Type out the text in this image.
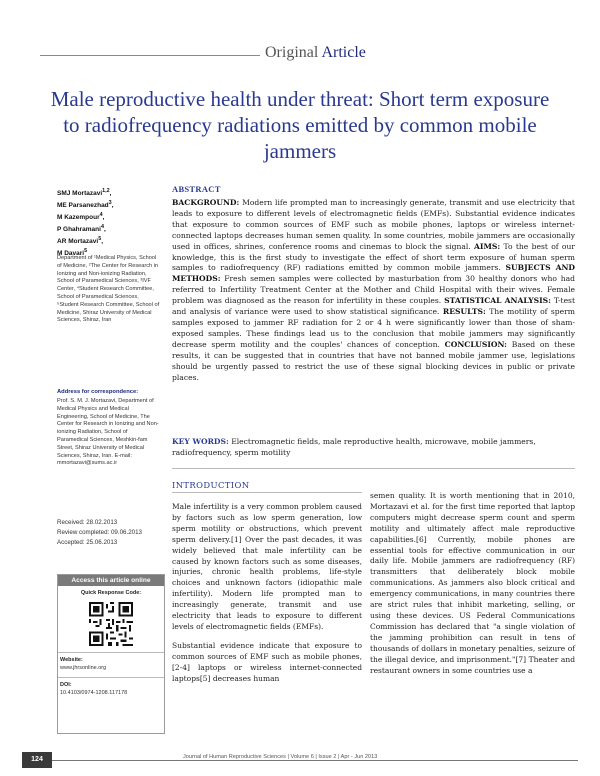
Original Article
Male reproductive health under threat: Short term exposure to radiofrequency radiations emitted by common mobile jammers
SMJ Mortazavi$^{1,2}$,
ME Parsanezhad$^3$,
M Kazempour$^4$,
P Ghahramani$^4$,
AR Mortazavi$^5$,
M Davari$^5$
Department of ¹Medical Physics, School of Medicine, ²The Center for Research in Ionizing and Non-ionizing Radiation, School of Paramedical Sciences, ³IVF Center, ⁴Student Research Committee, School of Paramedical Sciences, ⁵Student Research Committee, School of Medicine, Shiraz University of Medical Sciences, Shiraz, Iran
Address for correspondence:
Prof. S. M. J. Mortazavi, Department of Medical Physics and Medical Engineering, School of Medicine, The Center for Research in Ionizing and Non-ionizing Radiation, School of Paramedical Sciences, Meshkin-fam Street, Shiraz University of Medical Sciences, Shiraz, Iran. E-mail: mmortazavi@sums.ac.ir
Received: 28.02.2013
Review completed: 09.06.2013
Accepted: 25.06.2013
Access this article online
Quick Response Code:
Website:
www.jhrsonline.org
DOI:
10.4103/0974-1208.117178
ABSTRACT
BACKGROUND: Modern life prompted man to increasingly generate, transmit and use electricity that leads to exposure to different levels of electromagnetic fields (EMFs). Substantial evidence indicates that exposure to common sources of EMF such as mobile phones, laptops or wireless internet-connected laptops decreases human semen quality. In some countries, mobile jammers are occasionally used in offices, shrines, conference rooms and cinemas to block the signal. AIMS: To the best of our knowledge, this is the first study to investigate the effect of short term exposure of human sperm samples to radiofrequency (RF) radiations emitted by common mobile jammers. SUBJECTS AND METHODS: Fresh semen samples were collected by masturbation from 30 healthy donors who had referred to Infertility Treatment Center at the Mother and Child Hospital with their wives. Female problem was diagnosed as the reason for infertility in these couples. STATISTICAL ANALYSIS: T-test and analysis of variance were used to show statistical significance. RESULTS: The motility of sperm samples exposed to jammer RF radiation for 2 or 4 h were significantly lower than those of sham-exposed samples. These findings lead us to the conclusion that mobile jammers may significantly decrease sperm motility and the couples' chances of conception. CONCLUSION: Based on these results, it can be suggested that in countries that have not banned mobile jammer use, legislations should be urgently passed to restrict the use of these signal blocking devices in public or private places.
KEY WORDS: Electromagnetic fields, male reproductive health, microwave, mobile jammers, radiofrequency, sperm motility
INTRODUCTION

Male infertility is a very common problem caused by factors such as low sperm generation, low sperm motility or obstructions, which prevent sperm delivery.[1] Over the past decades, it was widely believed that male infertility can be caused by known factors such as some diseases, injuries, chronic health problems, life-style choices and unknown factors (idiopathic male infertility). Modern life prompted man to increasingly generate, transmit and use electricity that leads to exposure to different levels of electromagnetic fields (EMFs).

Substantial evidence indicate that exposure to common sources of EMF such as mobile phones,[2-4] laptops or wireless internet-connected laptops[5] decreases human

semen quality. It is worth mentioning that in 2010, Mortazavi et al. for the first time reported that laptop computers might decrease sperm count and sperm motility and ultimately affect male reproductive capabilities.[6] Currently, mobile phones are essential tools for effective communication in our daily life. Mobile jammers are radiofrequency (RF) transmitters that deliberately block mobile communications. As jammers also block critical and emergency communications, in many countries there are strict rules that inhibit marketing, selling, or using these devices. US Federal Communications Commission has declared that "a single violation of the jamming prohibition can result in tens of thousands of dollars in monetary penalties, seizure of the illegal device, and imprisonment."[7] Theater and restaurant owners in some countries use a
124	Journal of Human Reproductive Sciences | Volume 6 | Issue 2 | Apr - Jun 2013
